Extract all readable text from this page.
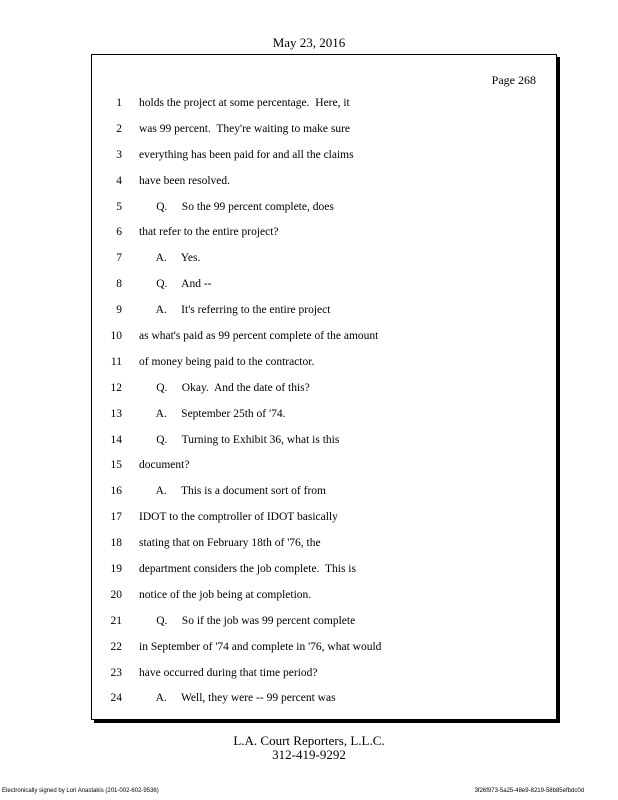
May 23, 2016
Page 268
1 holds the project at some percentage.  Here, it
2 was 99 percent.  They're waiting to make sure
3 everything has been paid for and all the claims
4 have been resolved.
5 Q.     So the 99 percent complete, does
6 that refer to the entire project?
7 A.     Yes.
8 Q.     And --
9 A.     It's referring to the entire project
10 as what's paid as 99 percent complete of the amount
11 of money being paid to the contractor.
12 Q.     Okay.  And the date of this?
13 A.     September 25th of '74.
14 Q.     Turning to Exhibit 36, what is this
15 document?
16 A.     This is a document sort of from
17 IDOT to the comptroller of IDOT basically
18 stating that on February 18th of '76, the
19 department considers the job complete.  This is
20 notice of the job being at completion.
21 Q.     So if the job was 99 percent complete
22 in September of '74 and complete in '76, what would
23 have occurred during that time period?
24 A.     Well, they were -- 99 percent was
L.A. Court Reporters, L.L.C.
312-419-9292
Electronically signed by Lori Anastakis (201-002-602-9536)	3f26f973-5a25-48e9-8219-58b85efbdc0d
